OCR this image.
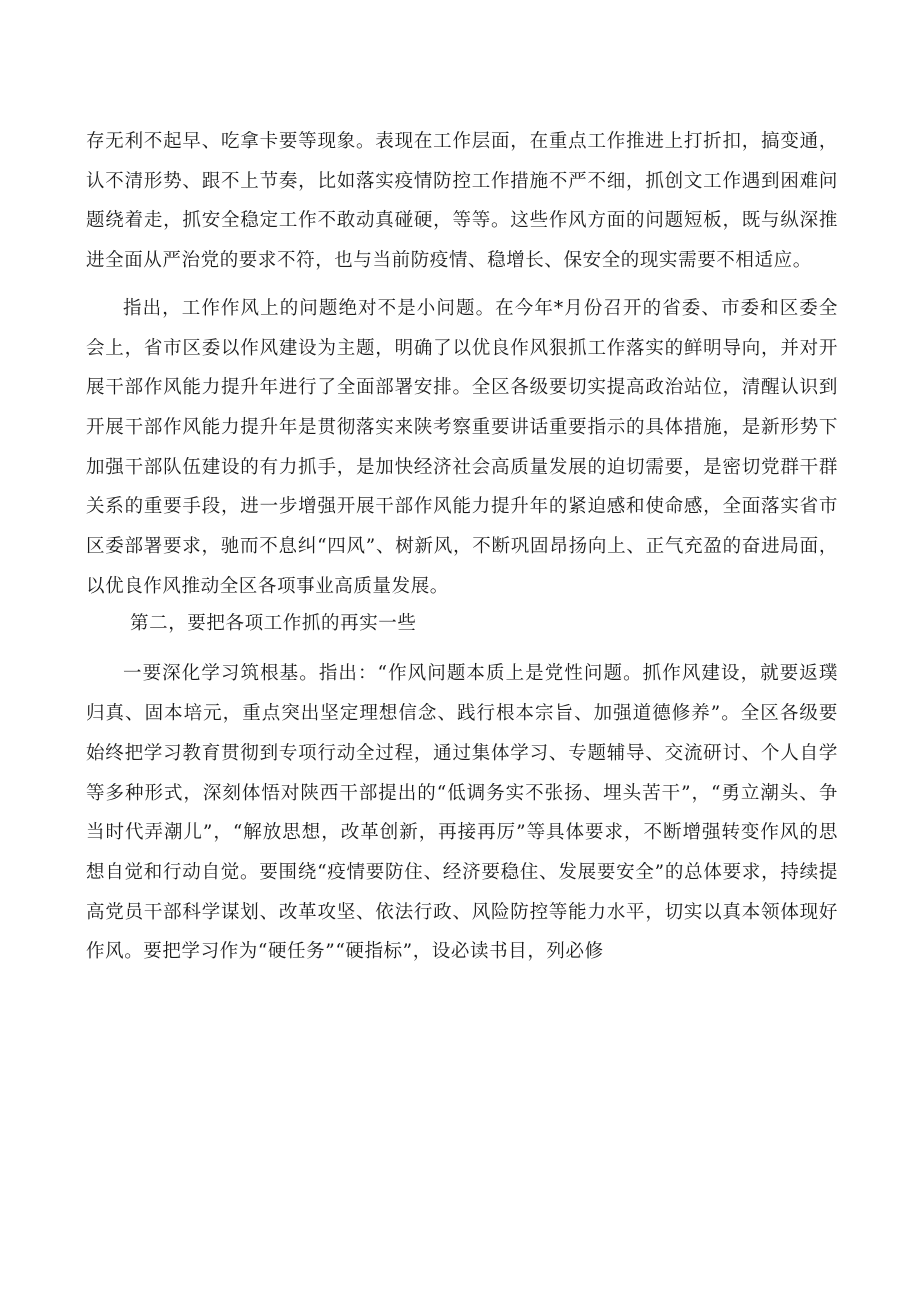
存无利不起早、吃拿卡要等现象。表现在工作层面，在重点工作推进上打折扣，搞变通，认不清形势、跟不上节奏，比如落实疫情防控工作措施不严不细，抓创文工作遇到困难问题绕着走，抓安全稳定工作不敢动真碰硬，等等。这些作风方面的问题短板，既与纵深推进全面从严治党的要求不符，也与当前防疫情、稳增长、保安全的现实需要不相适应。

指出，工作作风上的问题绝对不是小问题。在今年*月份召开的省委、市委和区委全会上，省市区委以作风建设为主题，明确了以优良作风狠抓工作落实的鲜明导向，并对开展干部作风能力提升年进行了全面部署安排。全区各级要切实提高政治站位，清醒认识到开展干部作风能力提升年是贯彻落实来陕考察重要讲话重要指示的具体措施，是新形势下加强干部队伍建设的有力抓手，是加快经济社会高质量发展的迫切需要，是密切党群干群关系的重要手段，进一步增强开展干部作风能力提升年的紧迫感和使命感，全面落实省市区委部署要求，驰而不息纠“四风”、树新风，不断巩固昂扬向上、正气充盈的奋进局面，以优良作风推动全区各项事业高质量发展。

第二，要把各项工作抓的再实一些

一要深化学习筑根基。指出：“作风问题本质上是党性问题。抓作风建设，就要返璞归真、固本培元，重点突出坚定理想信念、践行根本宗旨、加强道德修养”。全区各级要始终把学习教育贯彻到专项行动全过程，通过集体学习、专题辅导、交流研讨、个人自学等多种形式，深刻体悟对陕西干部提出的“低调务实不张扬、埋头苦干”，“勇立潮头、争当时代弄潮儿”，“解放思想，改革创新，再接再厉”等具体要求，不断增强转变作风的思想自觉和行动自觉。要围绕“疫情要防住、经济要稳住、发展要安全”的总体要求，持续提高党员干部科学谋划、改革攻坚、依法行政、风险防控等能力水平，切实以真本领体现好作风。要把学习作为“硬任务”“硬指标”，设必读书目，列必修
